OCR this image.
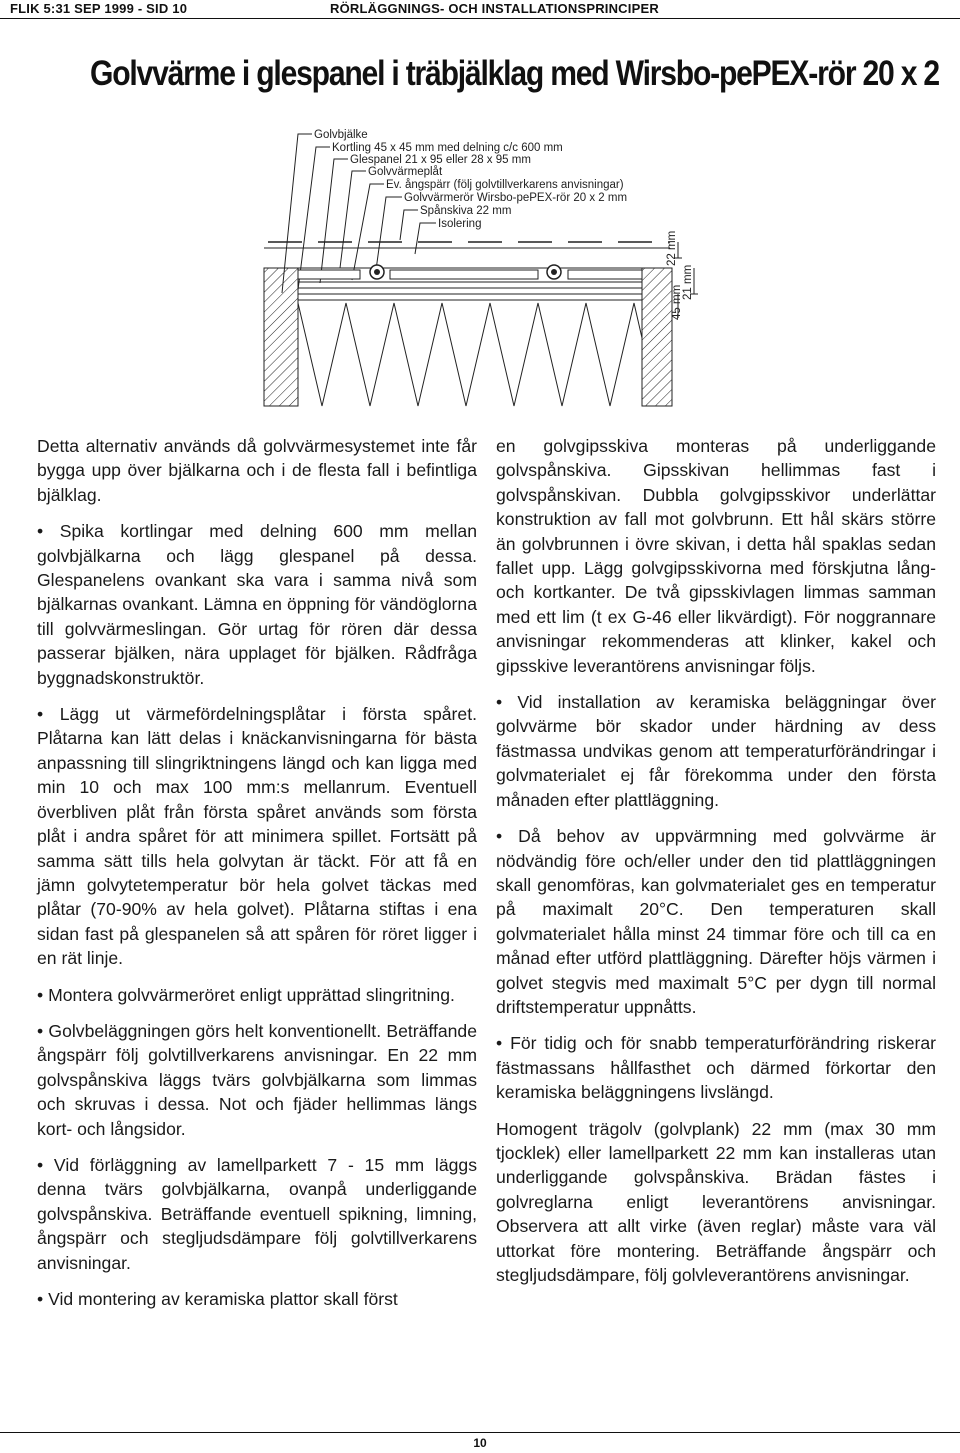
FLIK 5:31 SEP 1999 - SID 10	RÖRLÄGGNINGS- OCH INSTALLATIONSPRINCIPER
Golvvärme i glespanel i träbjälklag med Wirsbo-pePEX-rör 20 x 2
Golvbjälke
Kortling 45 x 45 mm med delning c/c 600 mm
Glespanel 21 x 95 eller 28 x 95 mm
Golvvärmeplåt
Ev. ångspärr (följ golvtillverkarens anvisningar)
Golvvärmerör Wirsbo-pePEX-rör 20 x 2 mm
Spånskiva 22 mm
Isolering
22 mm
21 mm
45 mm

Detta alternativ används då golvvärmesystemet inte får bygga upp över bjälkarna och i de flesta fall i befintliga bjälklag.

• Spika kortlingar med delning 600 mm mellan golvbjälkarna och lägg glespanel på dessa. Glespanelens ovankant ska vara i samma nivå som bjälkarnas ovankant. Lämna en öppning för vändöglorna till golvvärmeslingan. Gör urtag för rören där dessa passerar bjälken, nära upplaget för bjälken. Rådfråga byggnadskonstruktör.

• Lägg ut värmefördelningsplåtar i första spåret. Plåtarna kan lätt delas i knäckanvisningarna för bästa anpassning till slingriktningens längd och kan ligga med min 10 och max 100 mm:s mellanrum. Eventuell överbliven plåt från första spåret används som första plåt i andra spåret för att minimera spillet. Fortsätt på samma sätt tills hela golvytan är täckt. För att få en jämn golvytetemperatur bör hela golvet täckas med plåtar (70-90% av hela golvet). Plåtarna stiftas i ena sidan fast på glespanelen så att spåren för röret ligger i en rät linje.

• Montera golvvärmeröret enligt upprättad slingritning.

• Golvbeläggningen görs helt konventionellt. Beträffande ångspärr följ golvtillverkarens anvisningar. En 22 mm golvspånskiva läggs tvärs golvbjälkarna som limmas och skruvas i dessa. Not och fjäder hellimmas längs kort- och långsidor.

• Vid förläggning av lamellparkett 7 - 15 mm läggs denna tvärs golvbjälkarna, ovanpå underliggande golvspånskiva. Beträffande eventuell spikning, limning, ångspärr och stegljudsdämpare följ golvtillverkarens anvisningar.

• Vid montering av keramiska plattor skall först

en golvgipsskiva monteras på underliggande golvspånskiva. Gipsskivan hellimmas fast i golvspånskivan. Dubbla golvgipsskivor underlättar konstruktion av fall mot golvbrunn. Ett hål skärs större än golvbrunnen i övre skivan, i detta hål spaklas sedan fallet upp. Lägg golvgipsskivorna med förskjutna lång- och kortkanter. De två gipsskivlagen limmas samman med ett lim (t ex G-46 eller likvärdigt). För noggrannare anvisningar rekommenderas att klinker, kakel och gipsskive leverantörens anvisningar följs.

• Vid installation av keramiska beläggningar över golvvärme bör skador under härdning av dess fästmassa undvikas genom att temperaturförändringar i golvmaterialet ej får förekomma under den första månaden efter plattläggning.

• Då behov av uppvärmning med golvvärme är nödvändig före och/eller under den tid plattläggningen skall genomföras, kan golvmaterialet ges en temperatur på maximalt 20°C. Den temperaturen skall golvmaterialet hålla minst 24 timmar före och till ca en månad efter utförd plattläggning. Därefter höjs värmen i golvet stegvis med maximalt 5°C per dygn till normal driftstemperatur uppnåtts.

• För tidig och för snabb temperaturförändring riskerar fästmassans hållfasthet och därmed förkortar den keramiska beläggningens livslängd.

Homogent trägolv (golvplank) 22 mm (max 30 mm tjocklek) eller lamellparkett 22 mm kan installeras utan underliggande golvspånskiva. Brädan fästes i golvreglarna enligt leverantörens anvisningar. Observera att allt virke (även reglar) måste vara väl uttorkat före montering. Beträffande ångspärr och stegljudsdämpare, följ golvleverantörens anvisningar.

10
